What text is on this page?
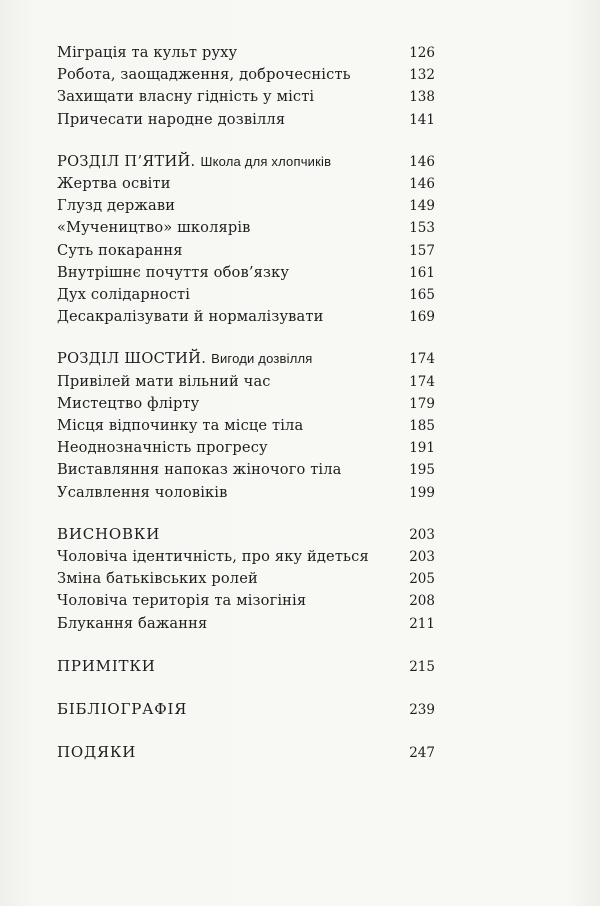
Міграція та культ руху	126
Робота, заощадження, доброчесність	132
Захищати власну гідність у місті	138
Причесати народне дозвілля	141
РОЗДІЛ П’ЯТИЙ. Школа для хлопчиків	146
Жертва освіти	146
Глузд держави	149
«Мучеництво» школярів	153
Суть покарання	157
Внутрішнє почуття обов’язку	161
Дух солідарності	165
Десакралізувати й нормалізувати	169
РОЗДІЛ ШОСТИЙ. Вигоди дозвілля	174
Привілей мати вільний час	174
Мистецтво флірту	179
Місця відпочинку та місце тіла	185
Неоднозначність прогресу	191
Виставляння напоказ жіночого тіла	195
Усалвлення чоловіків	199
ВИСНОВКИ	203
Чоловіча ідентичність, про яку йдеться	203
Зміна батьківських ролей	205
Чоловіча територія та мізогінія	208
Блукання бажання	211
ПРИМІТКИ	215
БІБЛІОГРАФІЯ	239
ПОДЯКИ	247
